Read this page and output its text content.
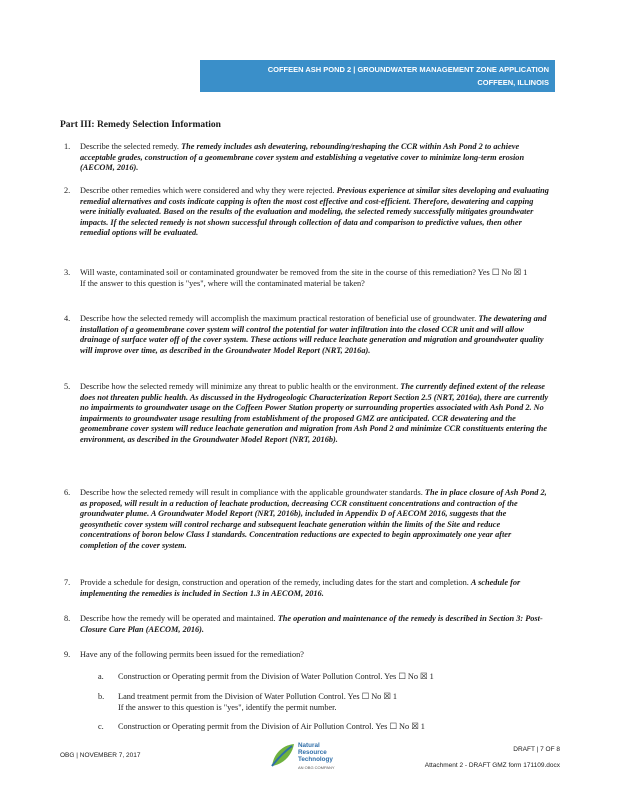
COFFEEN ASH POND 2 | GROUNDWATER MANAGEMENT ZONE APPLICATION
COFFEEN, ILLINOIS
Part III: Remedy Selection Information
1. Describe the selected remedy. The remedy includes ash dewatering, rebounding/reshaping the CCR within Ash Pond 2 to achieve acceptable grades, construction of a geomembrane cover system and establishing a vegetative cover to minimize long-term erosion (AECOM, 2016).
2. Describe other remedies which were considered and why they were rejected. Previous experience at similar sites developing and evaluating remedial alternatives and costs indicate capping is often the most cost effective and cost-efficient. Therefore, dewatering and capping were initially evaluated. Based on the results of the evaluation and modeling, the selected remedy successfully mitigates groundwater impacts. If the selected remedy is not shown successful through collection of data and comparison to predictive values, then other remedial options will be evaluated.
3. Will waste, contaminated soil or contaminated groundwater be removed from the site in the course of this remediation? Yes ☐ No ☒ 1
If the answer to this question is "yes", where will the contaminated material be taken?
4. Describe how the selected remedy will accomplish the maximum practical restoration of beneficial use of groundwater. The dewatering and installation of a geomembrane cover system will control the potential for water infiltration into the closed CCR unit and will allow drainage of surface water off of the cover system. These actions will reduce leachate generation and migration and groundwater quality will improve over time, as described in the Groundwater Model Report (NRT, 2016a).
5. Describe how the selected remedy will minimize any threat to public health or the environment. The currently defined extent of the release does not threaten public health. As discussed in the Hydrogeologic Characterization Report Section 2.5 (NRT, 2016a), there are currently no impairments to groundwater usage on the Coffeen Power Station property or surrounding properties associated with Ash Pond 2. No impairments to groundwater usage resulting from establishment of the proposed GMZ are anticipated. CCR dewatering and the geomembrane cover system will reduce leachate generation and migration from Ash Pond 2 and minimize CCR constituents entering the environment, as described in the Groundwater Model Report (NRT, 2016b).
6. Describe how the selected remedy will result in compliance with the applicable groundwater standards. The in place closure of Ash Pond 2, as proposed, will result in a reduction of leachate production, decreasing CCR constituent concentrations and contraction of the groundwater plume. A Groundwater Model Report (NRT, 2016b), included in Appendix D of AECOM 2016, suggests that the geosynthetic cover system will control recharge and subsequent leachate generation within the limits of the Site and reduce concentrations of boron below Class I standards. Concentration reductions are expected to begin approximately one year after completion of the cover system.
7. Provide a schedule for design, construction and operation of the remedy, including dates for the start and completion. A schedule for implementing the remedies is included in Section 1.3 in AECOM, 2016.
8. Describe how the remedy will be operated and maintained. The operation and maintenance of the remedy is described in Section 3: Post-Closure Care Plan (AECOM, 2016).
9. Have any of the following permits been issued for the remediation?
a. Construction or Operating permit from the Division of Water Pollution Control. Yes ☐ No ☒ 1
b. Land treatment permit from the Division of Water Pollution Control. Yes ☐ No ☒ 1
If the answer to this question is "yes", identify the permit number.
c. Construction or Operating permit from the Division of Air Pollution Control. Yes ☐ No ☒ 1
OBG | NOVEMBER 7, 2017
Natural
Resource
Technology
AN OBG COMPANY
DRAFT | 7 OF 8
Attachment 2 - DRAFT GMZ form 171109.docx
